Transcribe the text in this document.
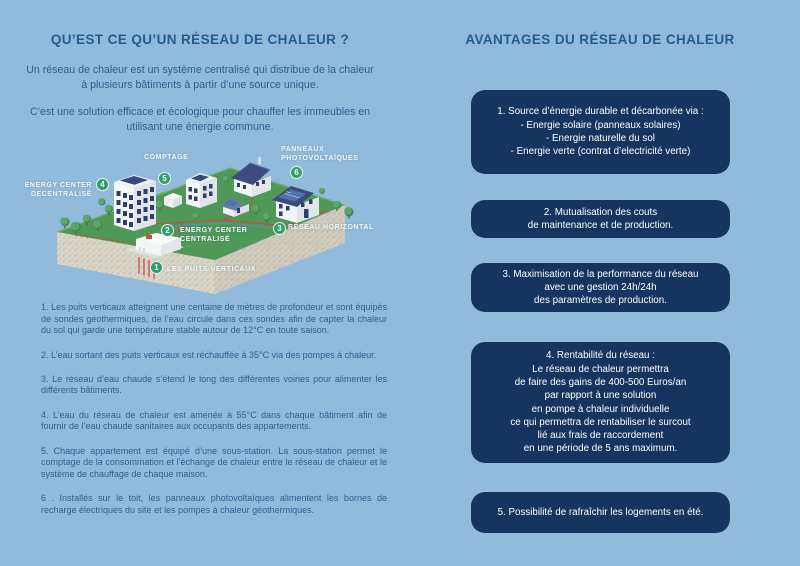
QU’EST CE QU’UN RÉSEAU DE CHALEUR ?

Un réseau de chaleur est un système centralisé qui distribue de la chaleur à plusieurs bâtiments à partir d’une source unique.

C’est une solution efficace et écologique pour chauffer les immeubles en utilisant une énergie commune.

1
2	3
4
5
6
LES PUITS VERTICAUX
ENERGY CENTER CENTRALISÉ
RÉSEAU HORIZONTAL
ENERGY CENTER DECENTRALISÉ
COMPTAGE
PANNEAUX PHOTOVOLTAÏQUES

1. Les puits verticaux atteignent une centaine de mètres de profondeur et sont équipés de sondes géothermiques, de l’eau circule dans ces sondes afin de capter la chaleur du sol qui garde une température stable autour de 12°C en toute saison.

2. L’eau sortant des puits verticaux est réchauffée à 35°C via des pompes à chaleur.

3. Le réseau d’eau chaude s’étend le long des différentes voiries pour alimenter les différents bâtiments.

4. L’eau du réseau de chaleur est amenée à 55°C dans chaque bâtiment afin de fournir de l’eau chaude sanitaires aux occupants des appartements.

5. Chaque appartement est équipé d’une sous-station. La sous-station permet le comptage de la consommation et l’échange de chaleur entre le réseau de chaleur et le système de chauffage de chaque maison.

6 . Installés sur le toit, les panneaux photovoltaïques alimentent les bornes de recharge électriques du site et les pompes à chaleur géothermiques.

AVANTAGES DU RÉSEAU DE CHALEUR
1. Source d’énergie durable et décarbonée via :
- Energie solaire (panneaux solaires)
- Energie naturelle du sol
- Energie verte (contrat d’electricité verte)
2. Mutualisation des couts
de maintenance et de production.
3. Maximisation de la performance du réseau
avec une gestion 24h/24h
des paramètres de production.
4. Rentabilité du réseau :
Le réseau de chaleur permettra
de faire des gains de 400-500 Euros/an
par rapport à une solution
en pompe à chaleur individuelle
ce qui permettra de rentabiliser le surcout
lié aux frais de raccordement
en une période de 5 ans maximum.
5. Possibilité de rafraîchir les logements en été.
